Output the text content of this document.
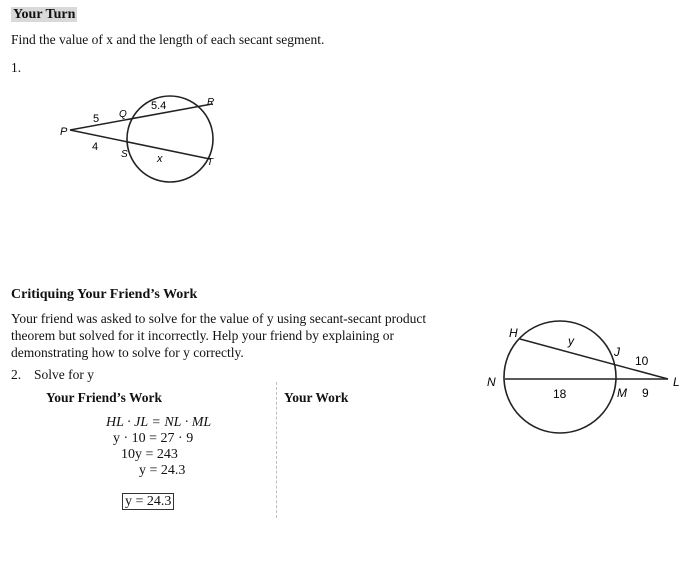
Your Turn
Find the value of x and the length of each secant segment.
1.
P
Q
R
S
T
5
5.4
4
x
Critiquing Your Friend’s Work
Your friend was asked to solve for the value of y using secant-secant product
theorem but solved for it incorrectly. Help your friend by explaining or
demonstrating how to solve for y correctly.
2. Solve for y
Your Friend’s Work	Your Work
HL · JL = NL · ML
y · 10 = 27 · 9
10y = 243
y = 24.3
y = 24.3
H
y
J
10
N
18	M 9
L
